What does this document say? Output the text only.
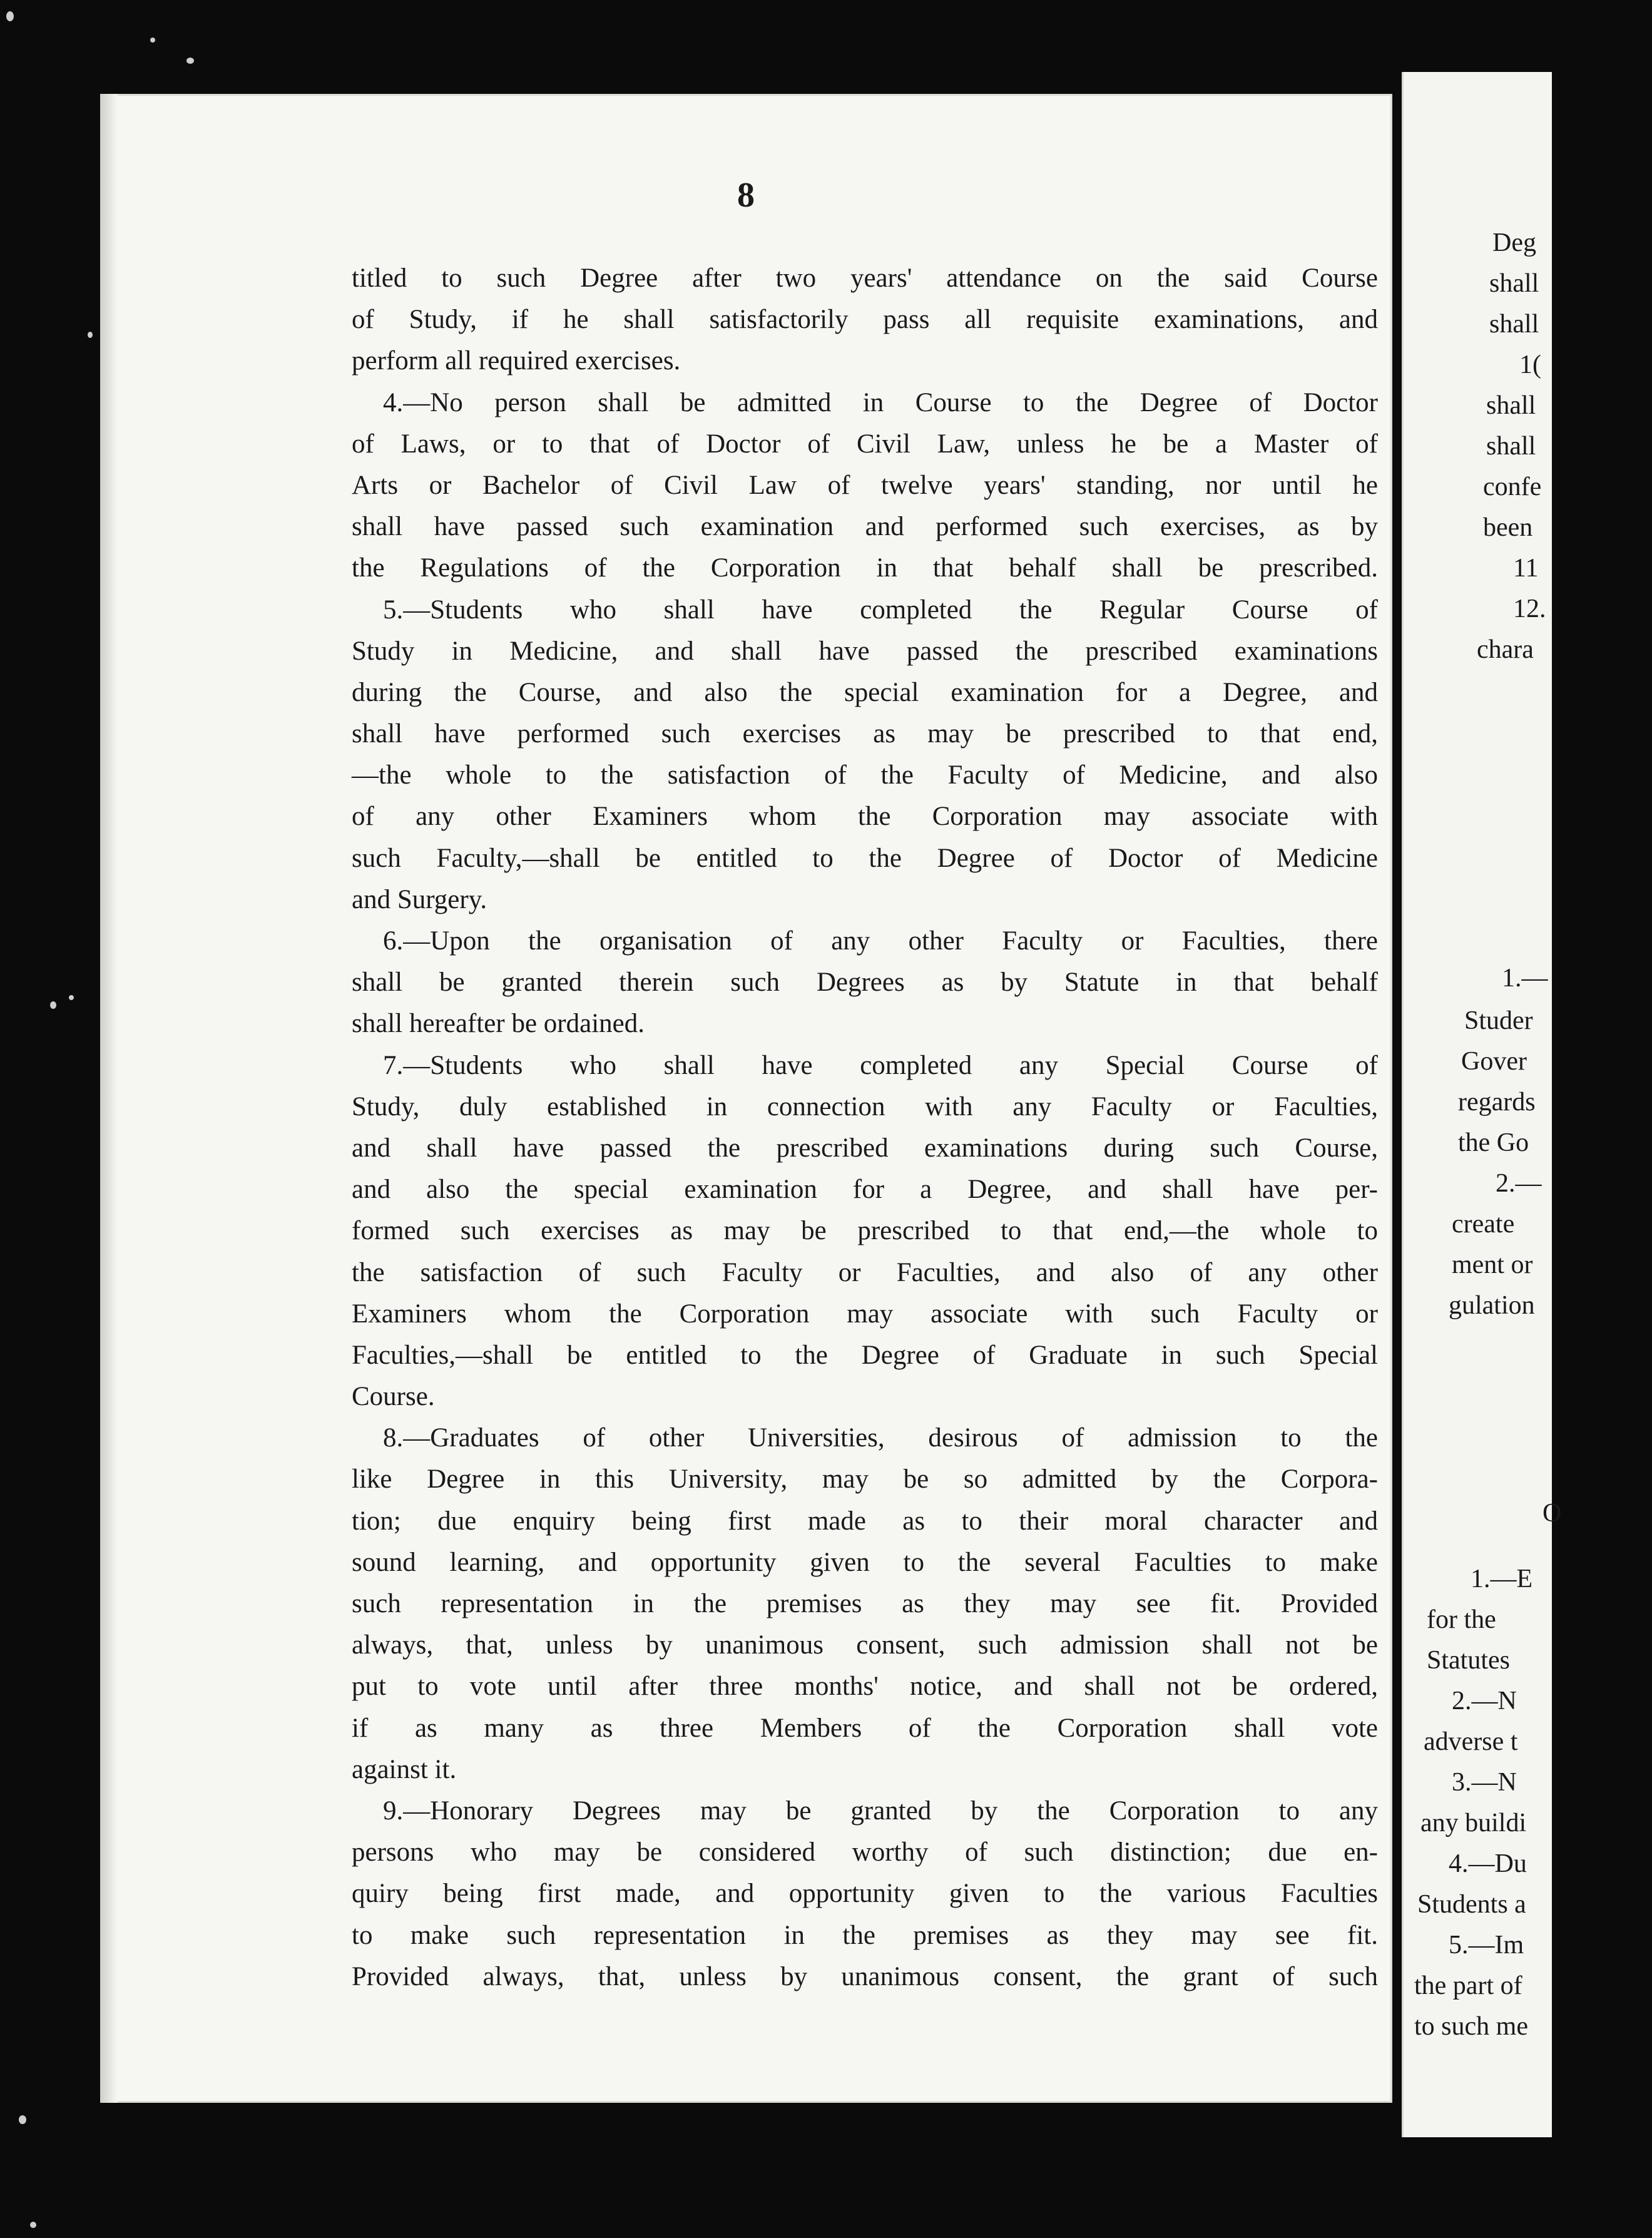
8
titled to such Degree after two years' attendance on the said Course
of Study, if he shall satisfactorily pass all requisite examinations, and
perform all required exercises.
4.—No person shall be admitted in Course to the Degree of Doctor
of Laws, or to that of Doctor of Civil Law, unless he be a Master of
Arts or Bachelor of Civil Law of twelve years' standing, nor until he
shall have passed such examination and performed such exercises, as by
the Regulations of the Corporation in that behalf shall be prescribed.
5.—Students who shall have completed the Regular Course of
Study in Medicine, and shall have passed the prescribed examinations
during the Course, and also the special examination for a Degree, and
shall have performed such exercises as may be prescribed to that end,
—the whole to the satisfaction of the Faculty of Medicine, and also
of any other Examiners whom the Corporation may associate with
such Faculty,—shall be entitled to the Degree of Doctor of Medicine
and Surgery.
6.—Upon the organisation of any other Faculty or Faculties, there
shall be granted therein such Degrees as by Statute in that behalf
shall hereafter be ordained.
7.—Students who shall have completed any Special Course of
Study, duly established in connection with any Faculty or Faculties,
and shall have passed the prescribed examinations during such Course,
and also the special examination for a Degree, and shall have per-
formed such exercises as may be prescribed to that end,—the whole to
the satisfaction of such Faculty or Faculties, and also of any other
Examiners whom the Corporation may associate with such Faculty or
Faculties,—shall be entitled to the Degree of Graduate in such Special
Course.
8.—Graduates of other Universities, desirous of admission to the
like Degree in this University, may be so admitted by the Corpora-
tion; due enquiry being first made as to their moral character and
sound learning, and opportunity given to the several Faculties to make
such representation in the premises as they may see fit. Provided
always, that, unless by unanimous consent, such admission shall not be
put to vote until after three months' notice, and shall not be ordered,
if as many as three Members of the Corporation shall vote
against it.
9.—Honorary Degrees may be granted by the Corporation to any
persons who may be considered worthy of such distinction; due en-
quiry being first made, and opportunity given to the various Faculties
to make such representation in the premises as they may see fit.
Provided always, that, unless by unanimous consent, the grant of such
Deg
shall
shall
1(
shall
shall
confe
been
11
12.
chara
1.—
Studer
Gover
regards
the Go
2.—
create
ment or
gulation
O
1.—E
for the
Statutes
2.—N
adverse t
3.—N
any buildi
4.—Du
Students a
5.—Im
the part of
to such me
